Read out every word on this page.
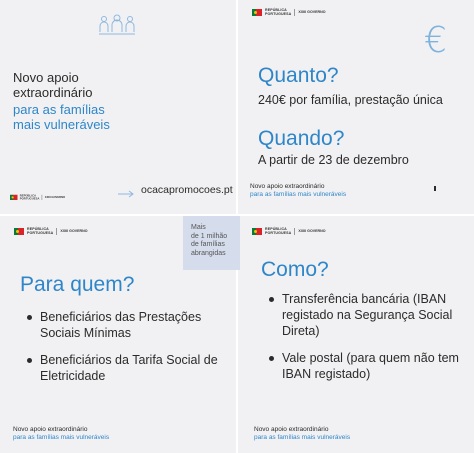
Novo apoio
extraordinário
para as famílias
mais vulneráveis
REPÚBLICA
PORTUGUESA XXIII GOVERNO
ocacapromocoes.pt
REPÚBLICA
PORTUGUESA XXIII GOVERNO
€
Quanto?
240€ por família, prestação única
Quando?
A partir de 23 de dezembro
Novo apoio extraordinário
para as famílias mais vulneráveis
REPÚBLICA
PORTUGUESA XXIII GOVERNO
Para quem?
Beneficiários das Prestações Sociais Mínimas
Beneficiários da Tarifa Social de Eletricidade
Novo apoio extraordinário
para as famílias mais vulneráveis
REPÚBLICA
PORTUGUESA XXIII GOVERNO
Como?
Transferência bancária (IBAN registado na Segurança Social Direta)
Vale postal (para quem não tem IBAN registado)
Novo apoio extraordinário
para as famílias mais vulneráveis

Mais
de 1 milhão
de famílias
abrangidas
